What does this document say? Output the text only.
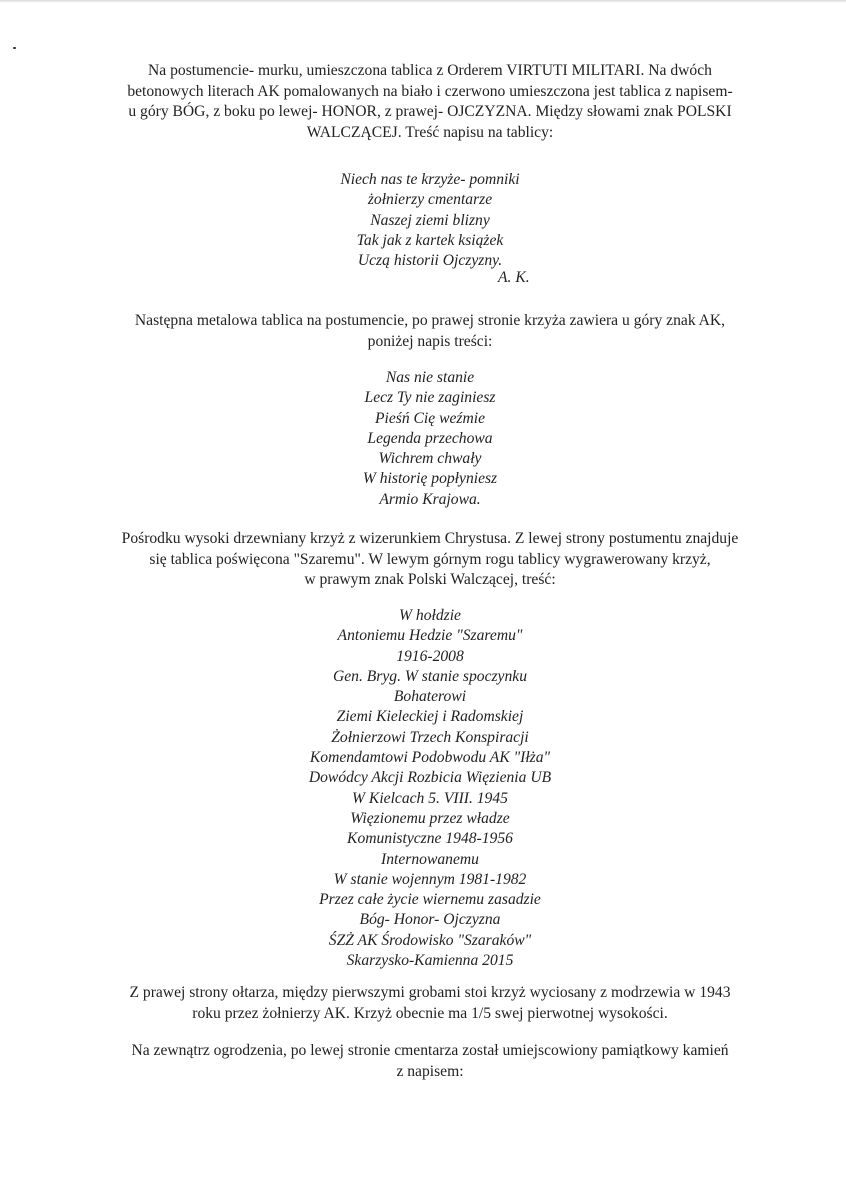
Na postumencie- murku, umieszczona tablica z Orderem VIRTUTI MILITARI. Na dwóch
betonowych literach AK pomalowanych na biało i czerwono umieszczona jest tablica z napisem-
u góry BÓG, z boku po lewej- HONOR, z prawej- OJCZYZNA. Między słowami znak POLSKI
WALCZĄCEJ. Treść napisu na tablicy:

Niech nas te krzyże- pomniki
żołnierzy cmentarze
Naszej ziemi blizny
Tak jak z kartek książek
Uczą historii Ojczyzny.
A. K.

Następna metalowa tablica na postumencie, po prawej stronie krzyża zawiera u góry znak AK,
poniżej napis treści:

Nas nie stanie
Lecz Ty nie zaginiesz
Pieśń Cię weźmie
Legenda przechowa
Wichrem chwały
W historię popłyniesz
Armio Krajowa.

Pośrodku wysoki drzewniany krzyż z wizerunkiem Chrystusa. Z lewej strony postumentu znajduje
się tablica poświęcona "Szaremu". W lewym górnym rogu tablicy wygrawerowany krzyż,
w prawym znak Polski Walczącej, treść:

W hołdzie
Antoniemu Hedzie "Szaremu"
1916-2008
Gen. Bryg. W stanie spoczynku
Bohaterowi
Ziemi Kieleckiej i Radomskiej
Żołnierzowi Trzech Konspiracji
Komendamtowi Podobwodu AK "Iłża"
Dowódcy Akcji Rozbicia Więzienia UB
W Kielcach 5. VIII. 1945
Więzionemu przez władze
Komunistyczne 1948-1956
Internowanemu
W stanie wojennym 1981-1982
Przez całe życie wiernemu zasadzie
Bóg- Honor- Ojczyzna
ŚZŻ AK Środowisko "Szaraków"
Skarzysko-Kamienna 2015

Z prawej strony ołtarza, między pierwszymi grobami stoi krzyż wyciosany z modrzewia w 1943
roku przez żołnierzy AK. Krzyż obecnie ma 1/5 swej pierwotnej wysokości.

Na zewnątrz ogrodzenia, po lewej stronie cmentarza został umiejscowiony pamiątkowy kamień
z napisem:
